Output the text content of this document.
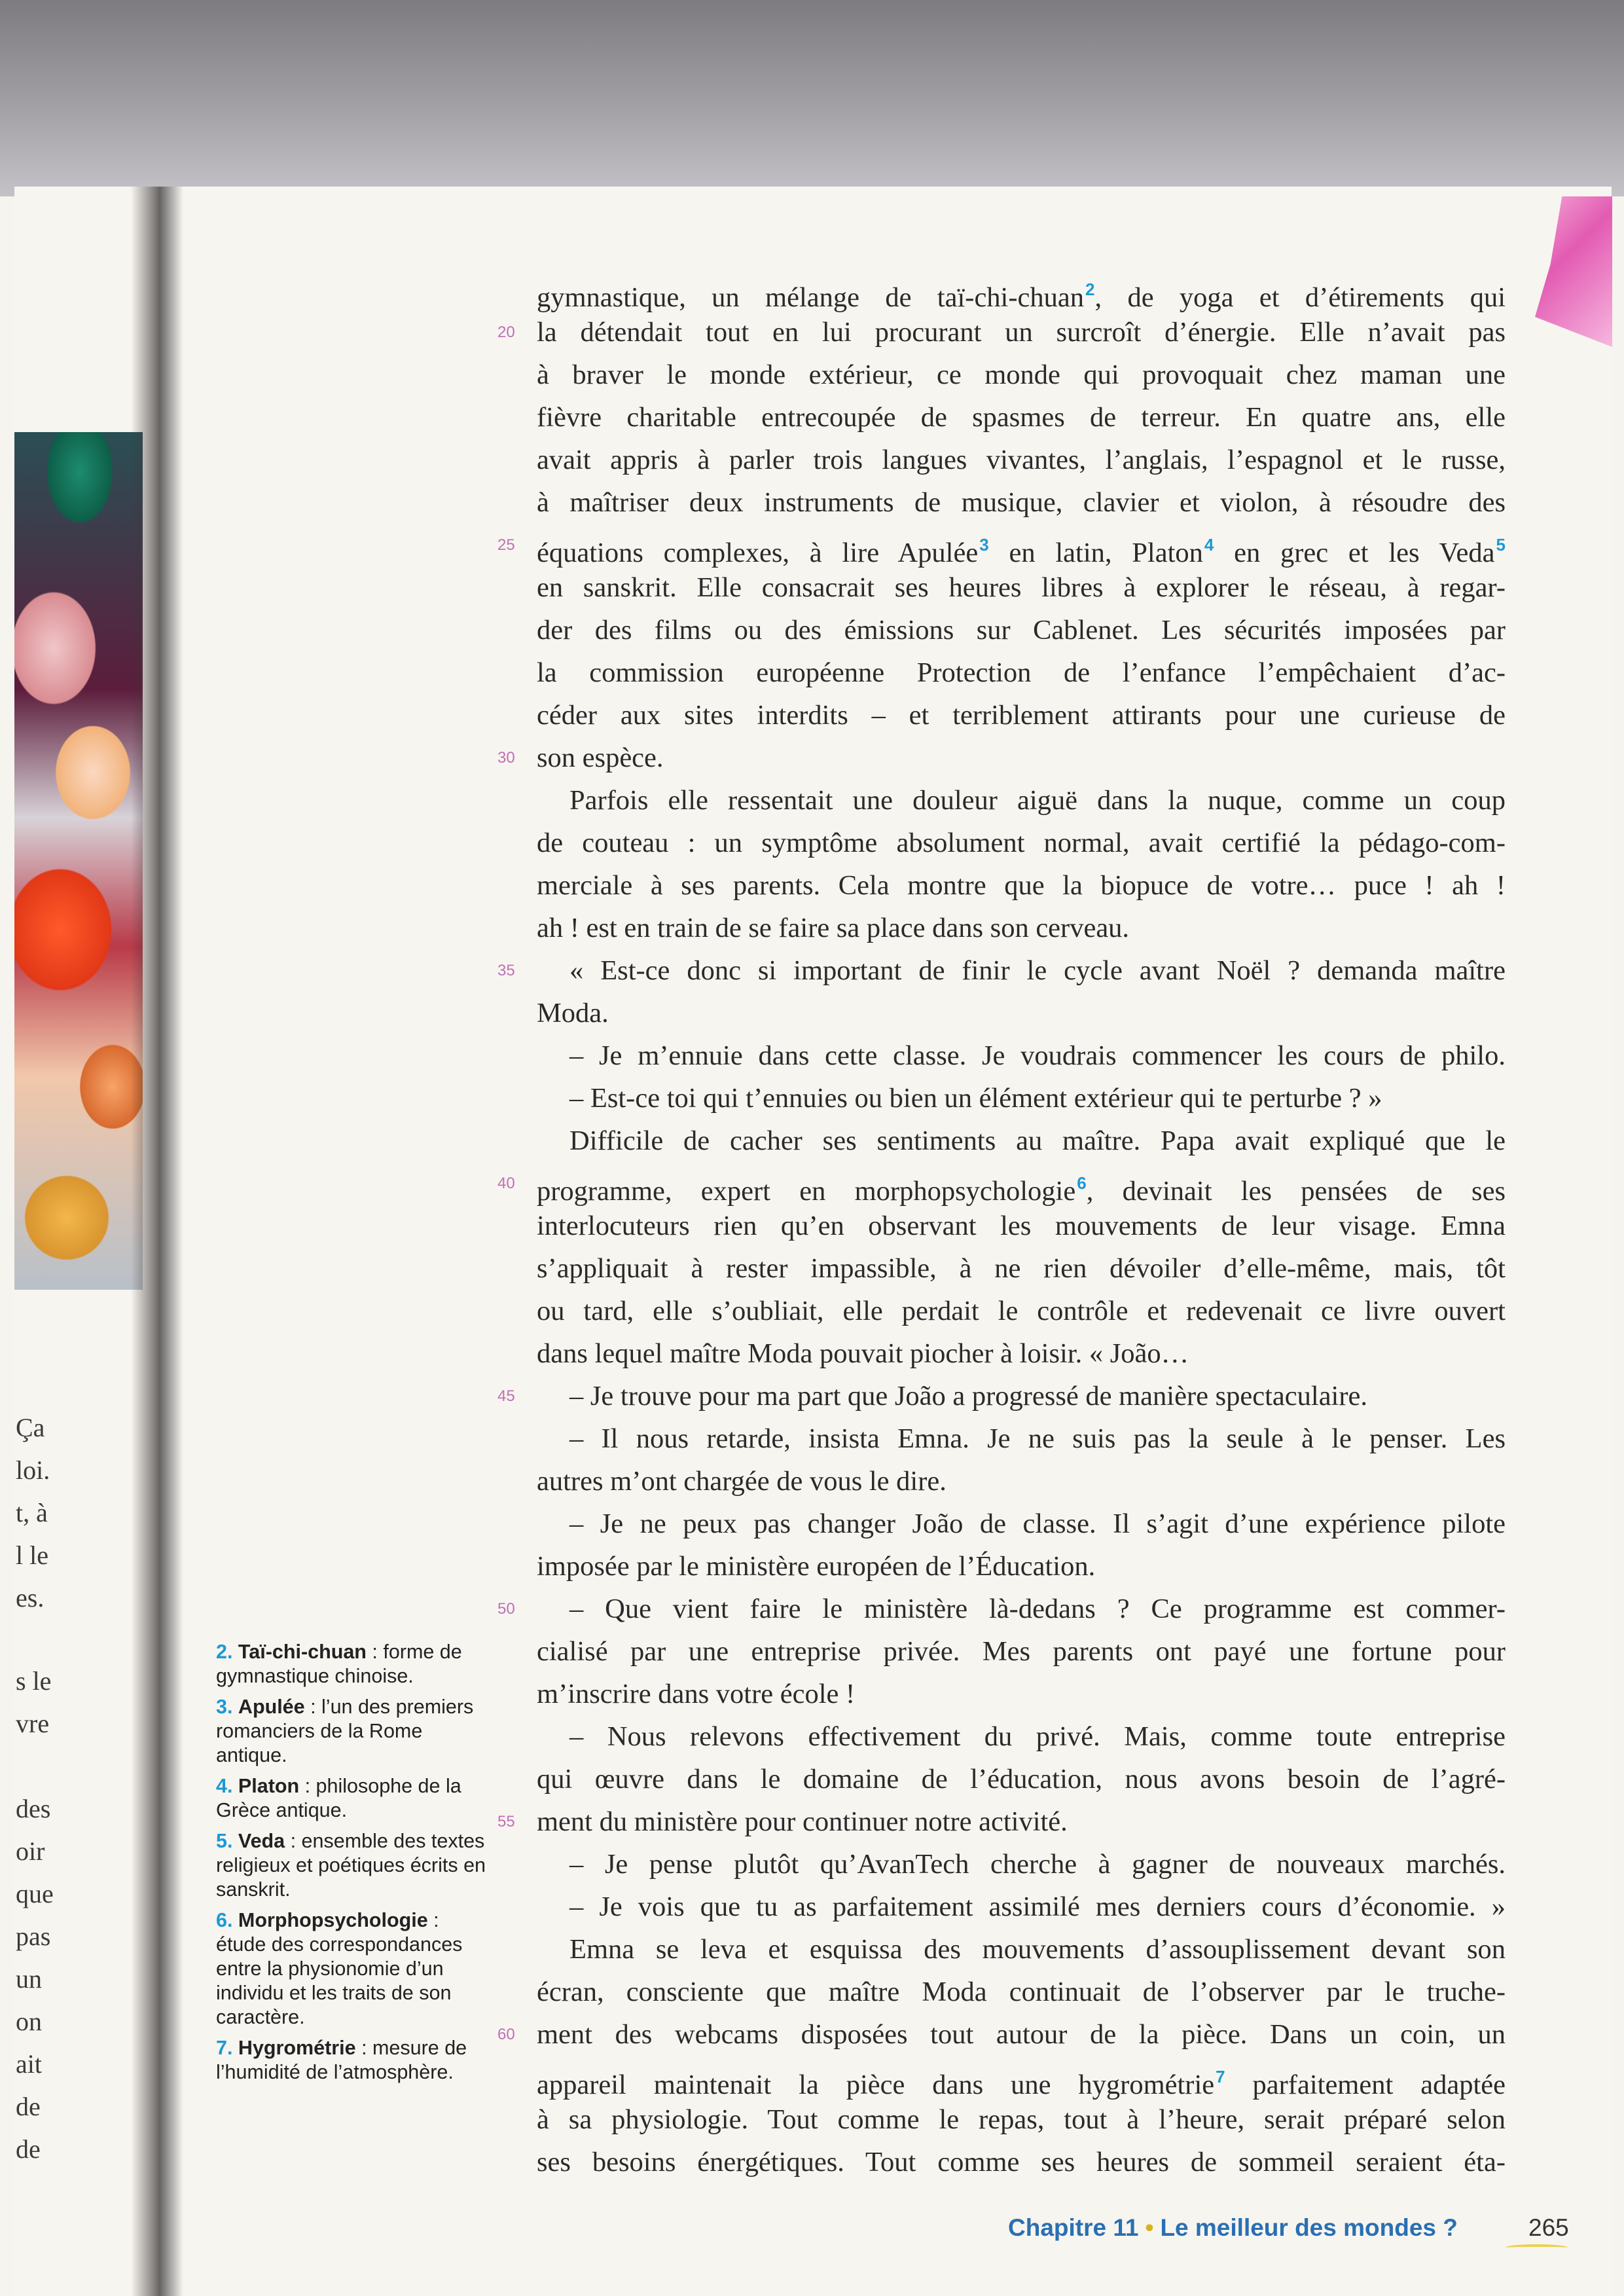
Ça
loi.
t, à
l le
es.
s le
vre
des
oir
que
pas
un
on
ait
de
de
gymnastique, un mélange de taï-chi-chuan$^2$, de yoga et d’étirements qui
20 la détendait tout en lui procurant un surcroît d’énergie. Elle n’avait pas
à braver le monde extérieur, ce monde qui provoquait chez maman une
fièvre charitable entrecoupée de spasmes de terreur. En quatre ans, elle
avait appris à parler trois langues vivantes, l’anglais, l’espagnol et le russe,
à maîtriser deux instruments de musique, clavier et violon, à résoudre des
25 équations complexes, à lire Apulée$^3$ en latin, Platon$^4$ en grec et les Veda$^5$
en sanskrit. Elle consacrait ses heures libres à explorer le réseau, à regar-
der des films ou des émissions sur Cablenet. Les sécurités imposées par
la commission européenne Protection de l’enfance l’empêchaient d’ac-
céder aux sites interdits – et terriblement attirants pour une curieuse de
30 son espèce.
Parfois elle ressentait une douleur aiguë dans la nuque, comme un coup
de couteau : un symptôme absolument normal, avait certifié la pédago-com-
merciale à ses parents. Cela montre que la biopuce de votre… puce ! ah !
ah ! est en train de se faire sa place dans son cerveau.
35	« Est-ce donc si important de finir le cycle avant Noël ? demanda maître
Moda.
– Je m’ennuie dans cette classe. Je voudrais commencer les cours de philo.
– Est-ce toi qui t’ennuies ou bien un élément extérieur qui te perturbe ? »
Difficile de cacher ses sentiments au maître. Papa avait expliqué que le
40 programme, expert en morphopsychologie$^6$, devinait les pensées de ses
interlocuteurs rien qu’en observant les mouvements de leur visage. Emna
s’appliquait à rester impassible, à ne rien dévoiler d’elle-même, mais, tôt
ou tard, elle s’oubliait, elle perdait le contrôle et redevenait ce livre ouvert
dans lequel maître Moda pouvait piocher à loisir. « João…
45	– Je trouve pour ma part que João a progressé de manière spectaculaire.
– Il nous retarde, insista Emna. Je ne suis pas la seule à le penser. Les
autres m’ont chargée de vous le dire.
– Je ne peux pas changer João de classe. Il s’agit d’une expérience pilote
imposée par le ministère européen de l’Éducation.
50	– Que vient faire le ministère là-dedans ? Ce programme est commer-
cialisé par une entreprise privée. Mes parents ont payé une fortune pour
m’inscrire dans votre école !
– Nous relevons effectivement du privé. Mais, comme toute entreprise
qui œuvre dans le domaine de l’éducation, nous avons besoin de l’agré-
55 ment du ministère pour continuer notre activité.
– Je pense plutôt qu’AvanTech cherche à gagner de nouveaux marchés.
– Je vois que tu as parfaitement assimilé mes derniers cours d’économie. »
Emna se leva et esquissa des mouvements d’assouplissement devant son
écran, consciente que maître Moda continuait de l’observer par le truche-
60 ment des webcams disposées tout autour de la pièce. Dans un coin, un
appareil maintenait la pièce dans une hygrométrie$^7$ parfaitement adaptée
à sa physiologie. Tout comme le repas, tout à l’heure, serait préparé selon
ses besoins énergétiques. Tout comme ses heures de sommeil seraient éta-
2. Taï-chi-chuan : forme de gymnastique chinoise.
3. Apulée : l’un des premiers romanciers de la Rome antique.
4. Platon : philosophe de la Grèce antique.
5. Veda : ensemble des textes religieux et poétiques écrits en sanskrit.
6. Morphopsychologie : étude des correspondances entre la physionomie d’un individu et les traits de son caractère.
7. Hygrométrie : mesure de l’humidité de l’atmosphère.
Chapitre 11 • Le meilleur des mondes ?	265
